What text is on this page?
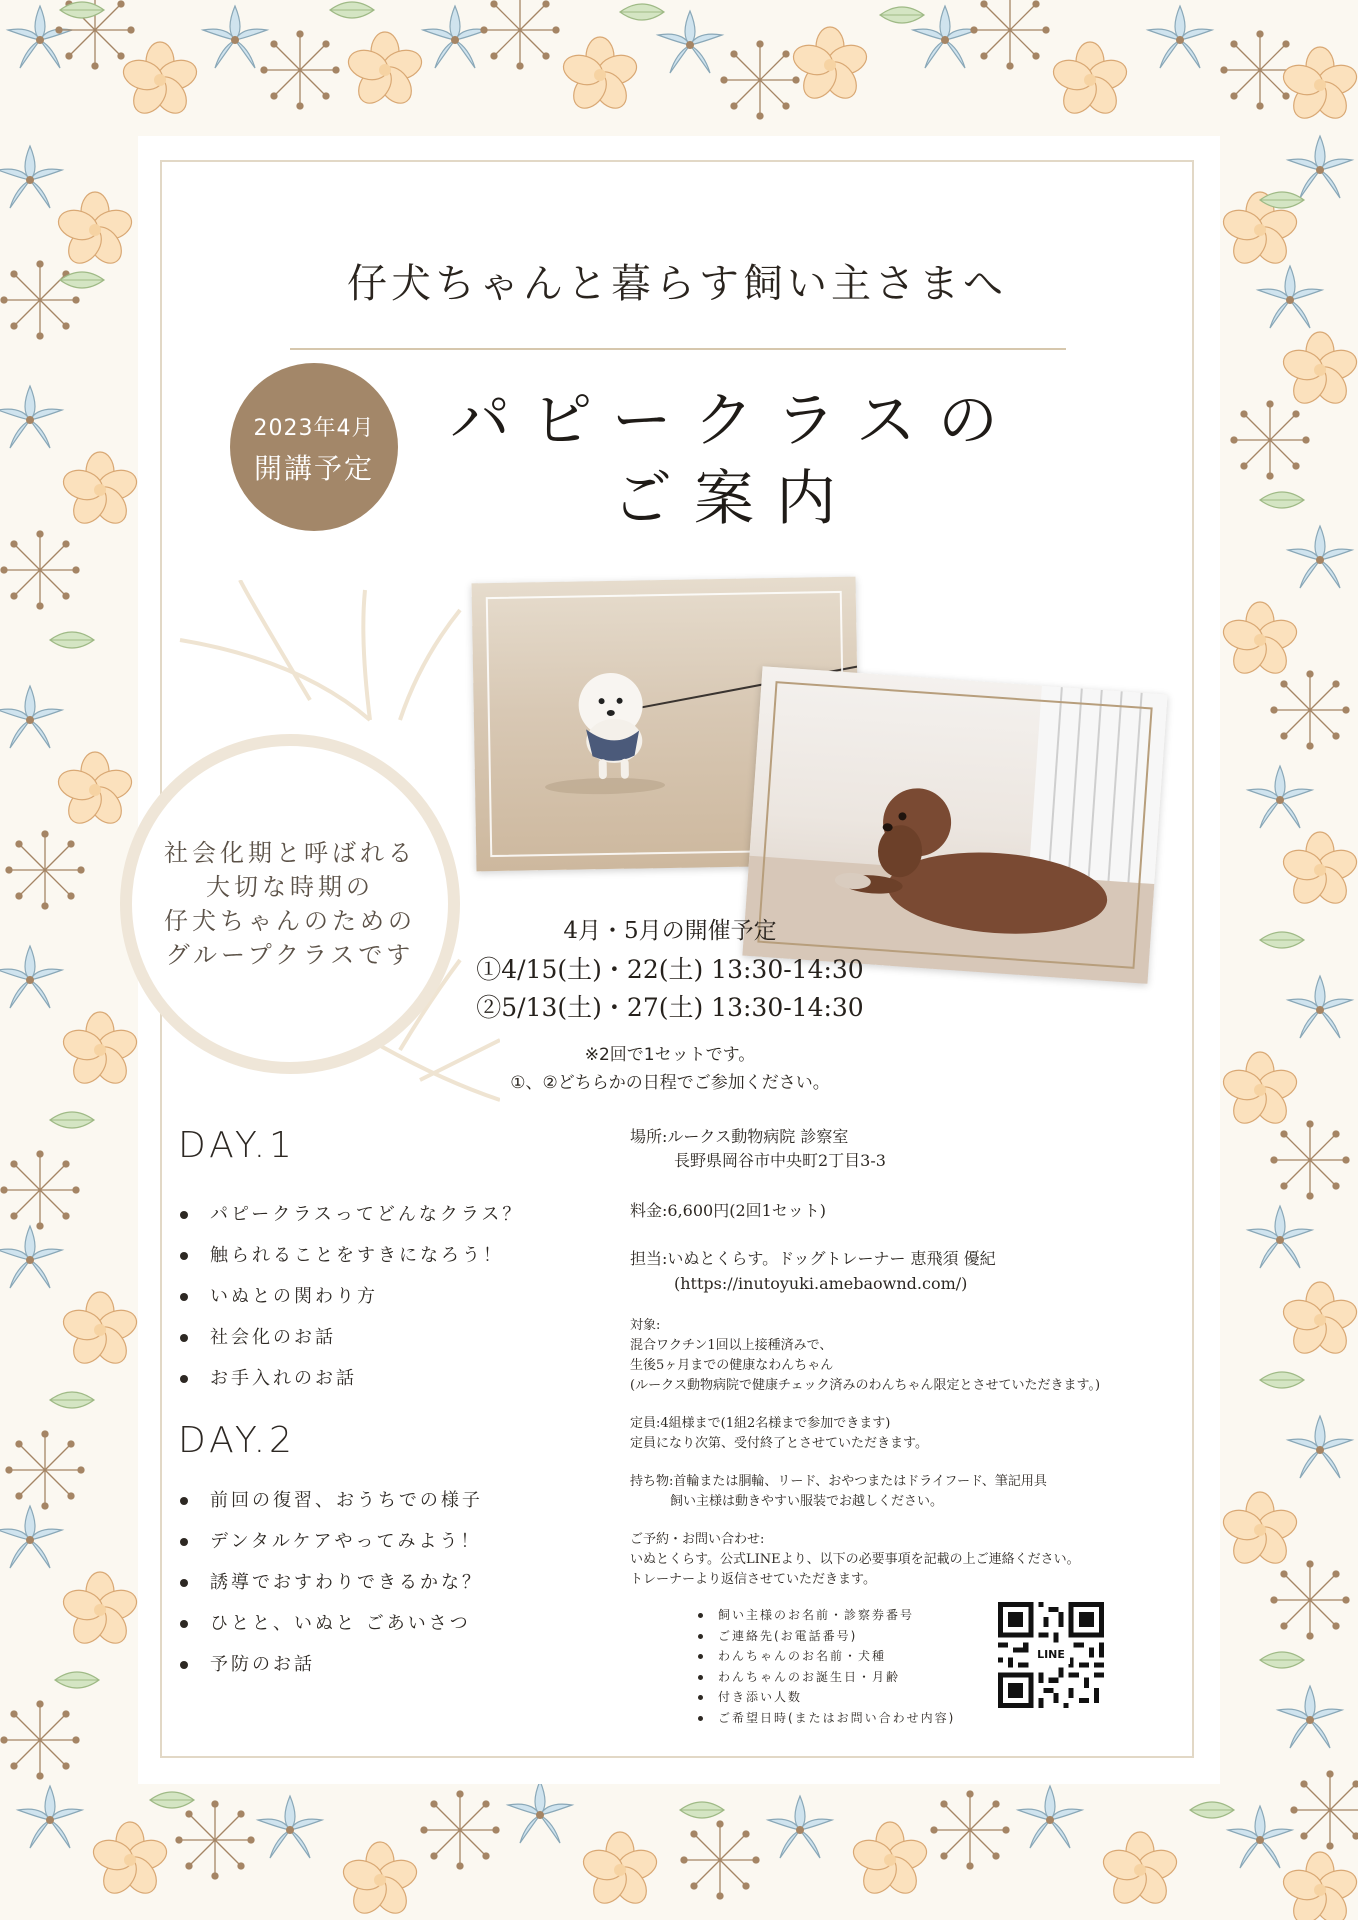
仔犬ちゃんと暮らす飼い主さまへ
2023年4月
開講予定
パピークラスの
ご案内
社会化期と呼ばれる
大切な時期の
仔犬ちゃんのための
グループクラスです
4月・5月の開催予定
①4/15(土)・22(土) 13:30-14:30
②5/13(土)・27(土) 13:30-14:30
※2回で1セットです。
①、②どちらかの日程でご参加ください。
DAY.1
パピークラスってどんなクラス？
触られることをすきになろう！
いぬとの関わり方
社会化のお話
お手入れのお話
DAY.2
前回の復習、おうちでの様子
デンタルケアやってみよう！
誘導でおすわりできるかな？
ひとと、いぬと ごあいさつ
予防のお話
場所:ルークス動物病院 診察室
長野県岡谷市中央町2丁目3-3
料金:6,600円(2回1セット)
担当:いぬとくらす。ドッグトレーナー 恵飛須 優紀
(https://inutoyuki.amebaownd.com/)
対象:
混合ワクチン1回以上接種済みで、
生後5ヶ月までの健康なわんちゃん
(ルークス動物病院で健康チェック済みのわんちゃん限定とさせていただきます。)
定員:4組様まで(1組2名様まで参加できます)
定員になり次第、受付終了とさせていただきます。
持ち物:首輪または胴輪、リード、おやつまたはドライフード、筆記用具
飼い主様は動きやすい服装でお越しください。
ご予約・お問い合わせ:
いぬとくらす。公式LINEより、以下の必要事項を記載の上ご連絡ください。
トレーナーより返信させていただきます。
飼い主様のお名前・診察券番号
ご連絡先(お電話番号)
わんちゃんのお名前・犬種
わんちゃんのお誕生日・月齢
付き添い人数
ご希望日時(またはお問い合わせ内容)
LINE
